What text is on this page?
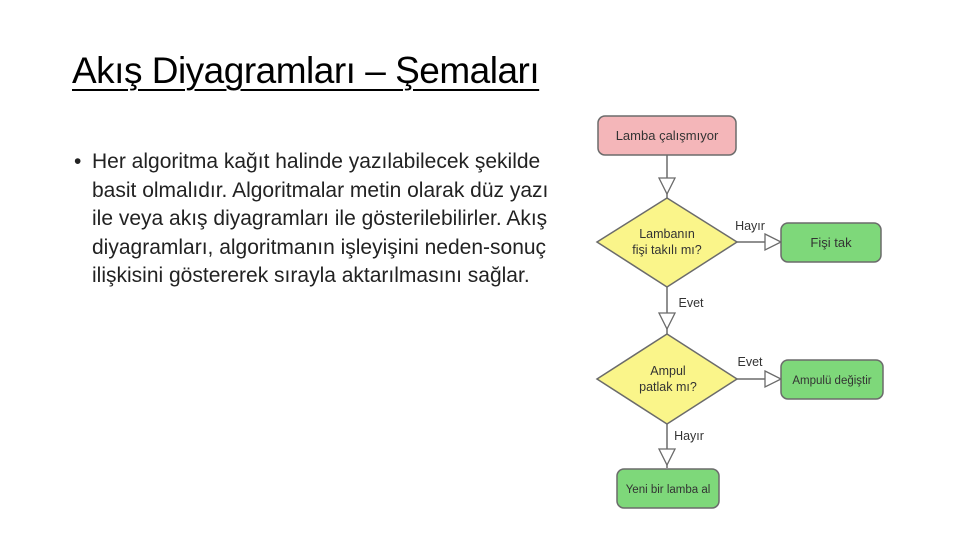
Akış Diyagramları – Şemaları
• Her algoritma kağıt halinde yazılabilecek şekilde basit olmalıdır. Algoritmalar metin olarak düz yazı ile veya akış diyagramları ile gösterilebilirler. Akış diyagramları, algoritmanın işleyişini neden-sonuç ilişkisini göstererek sırayla aktarılmasını sağlar.
Lamba çalışmıyor
Lambanın
fişi takılı mı?
Hayır
Fişi tak
Evet
Ampul
patlak mı?
Evet
Ampulü değiştir
Hayır
Yeni bir lamba al
